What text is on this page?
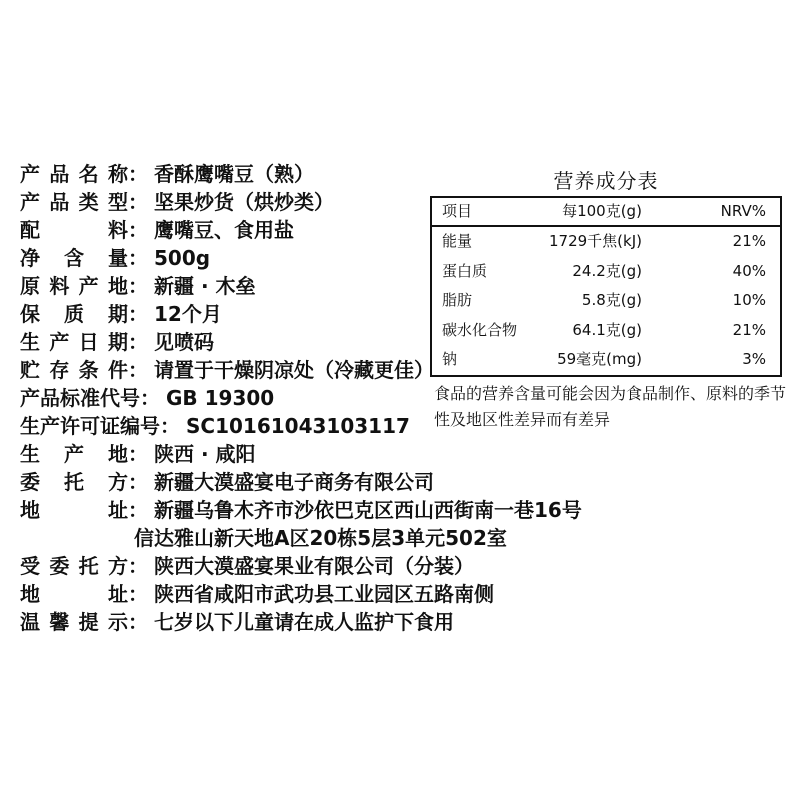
产品名称： 香酥鹰嘴豆（熟）
产品类型： 坚果炒货（烘炒类）
配料： 鹰嘴豆、食用盐
净含量： 500g
原料产地： 新疆 · 木垒
保质期： 12个月
生产日期： 见喷码
贮存条件： 请置于干燥阴凉处（冷藏更佳）
产品标准代号： GB 19300
生产许可证编号： SC10161043103117
生产地： 陕西 · 咸阳
委托方： 新疆大漠盛宴电子商务有限公司
地址： 新疆乌鲁木齐市沙依巴克区西山西街南一巷16号
信达雅山新天地A区20栋5层3单元502室
受委托方： 陕西大漠盛宴果业有限公司（分装）
地址： 陕西省咸阳市武功县工业园区五路南侧
温馨提示： 七岁以下儿童请在成人监护下食用
营养成分表
项目	每100克(g)	NRV%
能量	1729千焦(kJ)	21%
蛋白质	24.2克(g)	40%
脂肪	5.8克(g)	10%
碳水化合物	64.1克(g)	21%
钠	59毫克(mg)	3%
食品的营养含量可能会因为食品制作、原料的季节性及地区性差异而有差异
